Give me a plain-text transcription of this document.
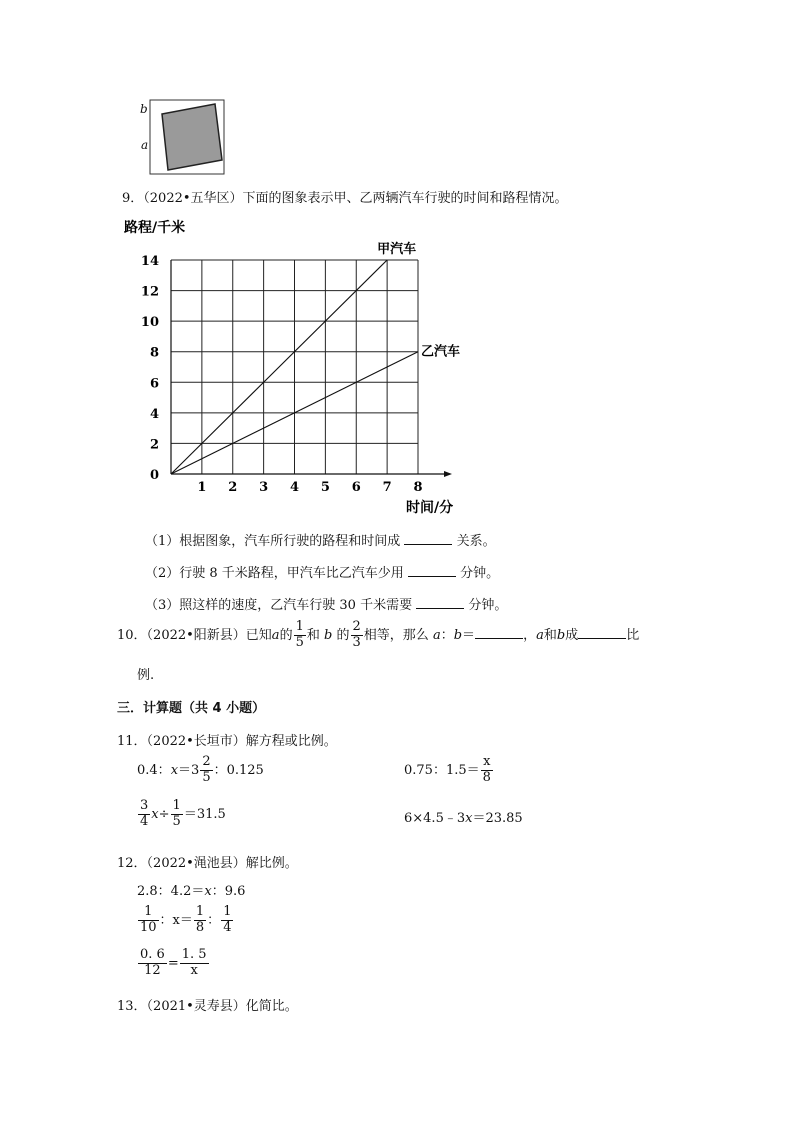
b
a
9．（2022•五华区）下面的图象表示甲、乙两辆汽车行驶的时间和路程情况。
1 2 3 4 5 6 7 8
0
2
4
6
8
10
12
14
路程/千米
时间/分
甲汽车
乙汽车
（1）根据图象，汽车所行驶的路程和时间成	关系。
（2）行驶 8 千米路程，甲汽车比乙汽车少用	分钟。
（3）照这样的速度，乙汽车行驶 30 千米需要	分钟。
10．（2022•阳新县）已知a的 $\frac{1}{5}$ 和 b 的 $\frac{2}{3}$ 相等，那么 a：b＝	，a和b成	比
例.
三．计算题（共 4 小题）
11．（2022•长垣市）解方程或比例。
0.4：$x=3 \frac{2}{5}$ ：0.125	0.75：$1.5= \frac{x}{8}$
$\frac{3}{4} x\div \frac{1}{5} =31.5$	6×4.5﹣3x＝23.85
12．（2022•渑池县）解比例。
2.8：4.2＝x：9.6
$\frac{1}{10}$ ：$x= \frac{1}{8}$ ： $\frac{1}{4}$
$\frac{0. 6}{12} = \frac{1. 5}{x}$
13．（2021•灵寿县）化简比。
